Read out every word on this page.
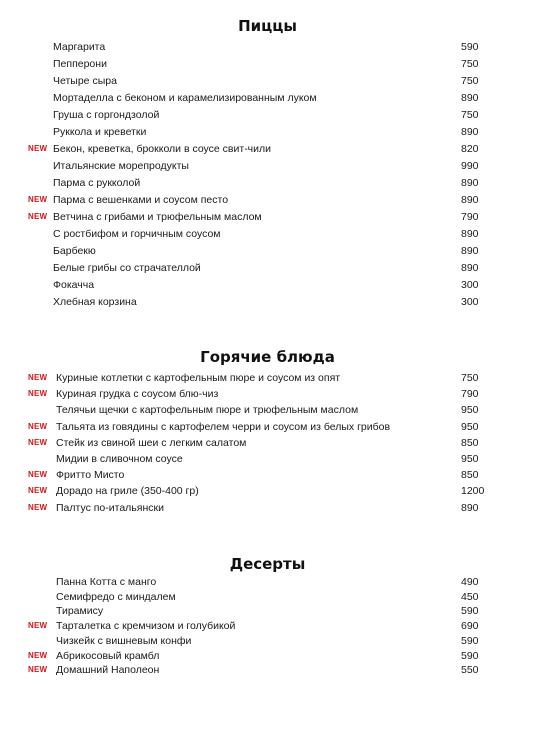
Пиццы
Маргарита	590
Пепперони	750
Четыре сыра	750
Мортаделла с беконом и карамелизированным луком	890
Груша с горгондзолой	750
Руккола и креветки	890
NEW Бекон, креветка, брокколи в соусе свит-чили	820
Итальянские морепродукты	990
Парма с рукколой	890
NEW Парма с вешенками и соусом песто	890
NEW Ветчина с грибами и трюфельным маслом	790
С ростбифом и горчичным соусом	890
Барбекю	890
Белые грибы со страчателлой	890
Фокачча	300
Хлебная корзина	300
Горячие блюда
NEW Куриные котлетки с картофельным пюре и соусом из опят	750
NEW Куриная грудка с соусом блю-чиз	790
Телячьи щечки с картофельным пюре и трюфельным маслом	950
NEW Тальята из говядины с картофелем черри и соусом из белых грибов	950
NEW Стейк из свиной шеи с легким салатом	850
Мидии в сливочном соусе	950
NEW Фритто Мисто	850
NEW Дорадо на гриле (350-400 гр)	1200
NEW Палтус по-итальянски	890
Десерты
Панна Котта с манго	490
Семифредо с миндалем	450
Тирамису	590
NEW Тарталетка с кремчизом и голубикой	690
Чизкейк с вишневым конфи	590
NEW Абрикосовый крамбл	590
NEW Домашний Наполеон	550
